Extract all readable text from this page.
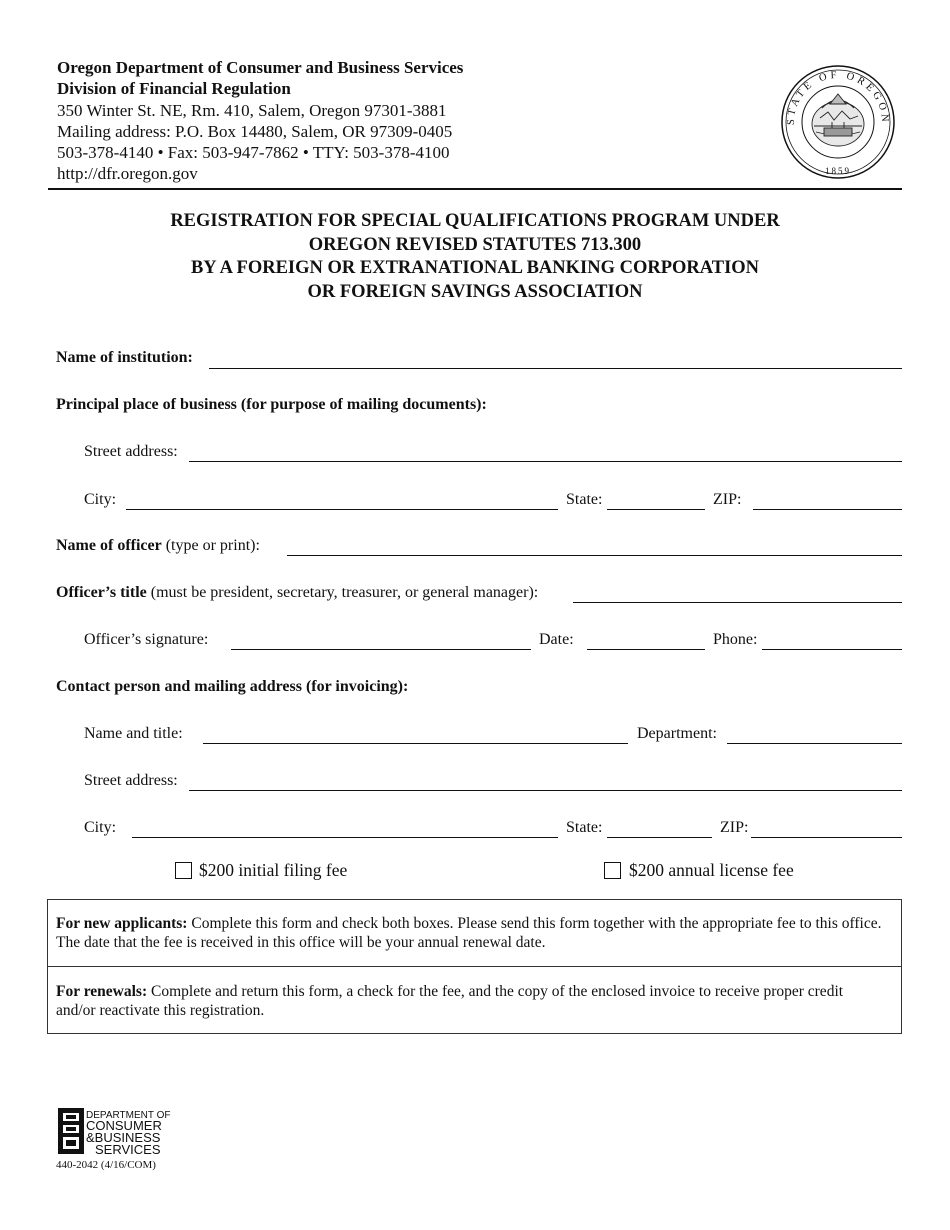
Oregon Department of Consumer and Business Services
Division of Financial Regulation
350 Winter St. NE, Rm. 410, Salem, Oregon 97301-3881
Mailing address: P.O. Box 14480, Salem, OR 97309-0405
503-378-4140 • Fax: 503-947-7862 • TTY: 503-378-4100
http://dfr.oregon.gov
STATE OF OREGON
1859
REGISTRATION FOR SPECIAL QUALIFICATIONS PROGRAM UNDER
OREGON REVISED STATUTES 713.300
BY A FOREIGN OR EXTRANATIONAL BANKING CORPORATION
OR FOREIGN SAVINGS ASSOCIATION
Name of institution:
Principal place of business (for purpose of mailing documents):
Street address:
City:	State:	ZIP:
Name of officer (type or print):
Officer’s title (must be president, secretary, treasurer, or general manager):
Officer’s signature:	Date:	Phone:
Contact person and mailing address (for invoicing):
Name and title:	Department:
Street address:
City:	State:	ZIP:
$200 initial filing fee	$200 annual license fee
For new applicants: Complete this form and check both boxes. Please send this form together with the appropriate fee to this office. The date that the fee is received in this office will be your annual renewal date.
For renewals: Complete and return this form, a check for the fee, and the copy of the enclosed invoice to receive proper credit and/or reactivate this registration.
DEPARTMENT OF
CONSUMER
&BUSINESS
SERVICES
440-2042 (4/16/COM)
